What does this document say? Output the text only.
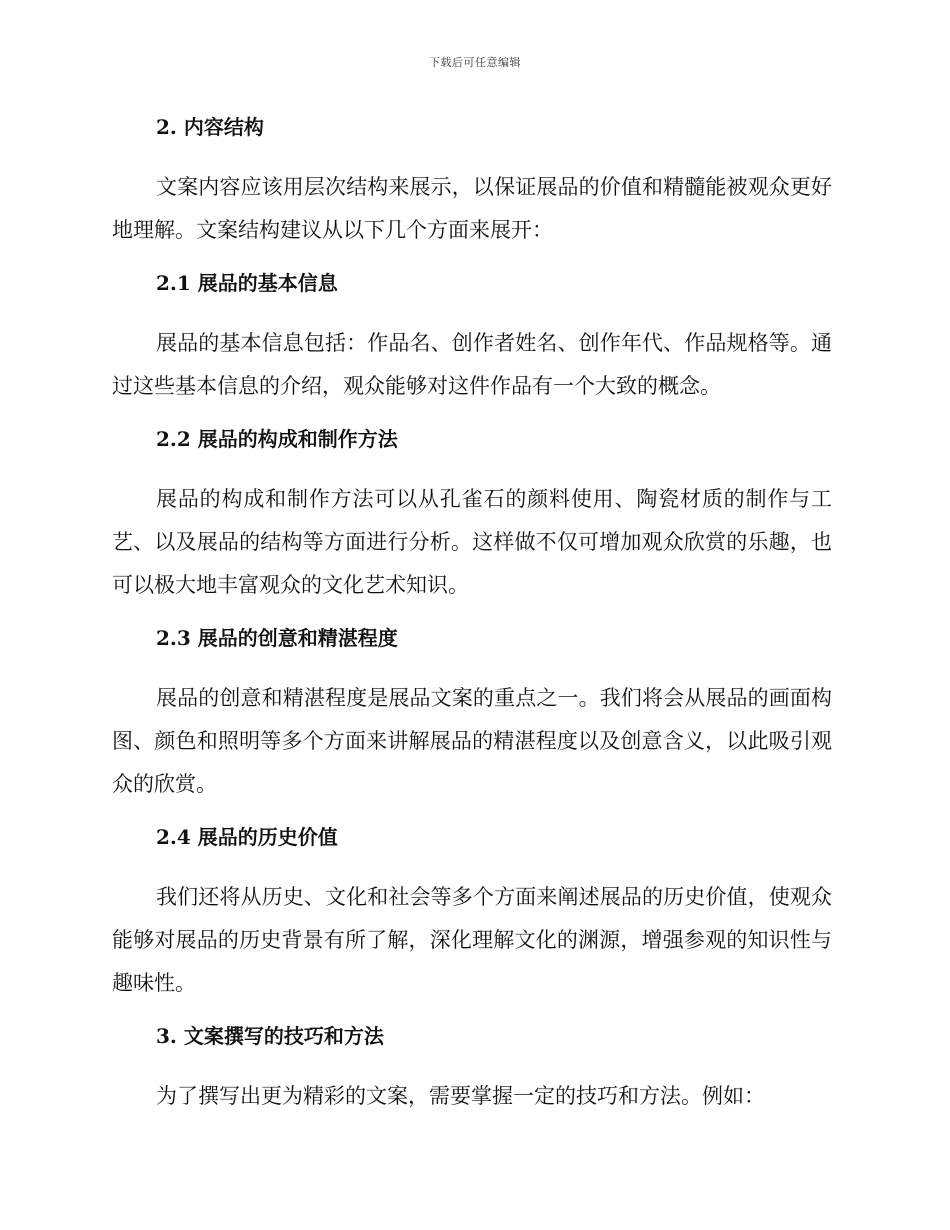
下载后可任意编辑
2. 内容结构
文案内容应该用层次结构来展示，以保证展品的价值和精髓能被观众更好地理解。文案结构建议从以下几个方面来展开：
2.1 展品的基本信息
展品的基本信息包括：作品名、创作者姓名、创作年代、作品规格等。通过这些基本信息的介绍，观众能够对这件作品有一个大致的概念。
2.2 展品的构成和制作方法
展品的构成和制作方法可以从孔雀石的颜料使用、陶瓷材质的制作与工艺、以及展品的结构等方面进行分析。这样做不仅可增加观众欣赏的乐趣，也可以极大地丰富观众的文化艺术知识。
2.3 展品的创意和精湛程度
展品的创意和精湛程度是展品文案的重点之一。我们将会从展品的画面构图、颜色和照明等多个方面来讲解展品的精湛程度以及创意含义，以此吸引观众的欣赏。
2.4 展品的历史价值
我们还将从历史、文化和社会等多个方面来阐述展品的历史价值，使观众能够对展品的历史背景有所了解，深化理解文化的渊源，增强参观的知识性与趣味性。
3. 文案撰写的技巧和方法
为了撰写出更为精彩的文案，需要掌握一定的技巧和方法。例如：
